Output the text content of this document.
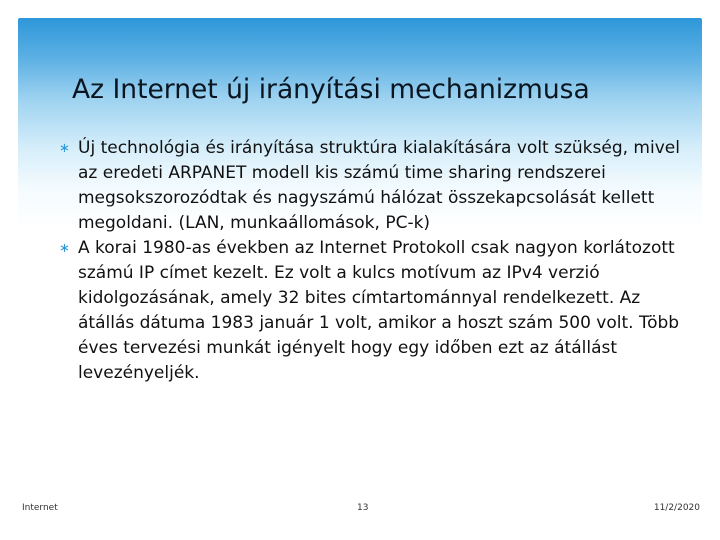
Az Internet új irányítási mechanizmusa
∗ Új technológia és irányítása struktúra kialakítására volt szükség, mivel az eredeti ARPANET modell kis számú time sharing rendszerei megsokszorozódtak és nagyszámú hálózat összekapcsolását kellett megoldani. (LAN, munkaállomások, PC-k)
∗ A korai 1980-as években az Internet Protokoll csak nagyon korlátozott számú IP címet kezelt. Ez volt a kulcs motívum az IPv4 verzió kidolgozásának, amely 32 bites címtartománnyal rendelkezett. Az átállás dátuma 1983 január 1 volt, amikor a hoszt szám 500 volt. Több éves tervezési munkát igényelt hogy egy időben ezt az átállást levezényeljék.
Internet	13	11/2/2020
